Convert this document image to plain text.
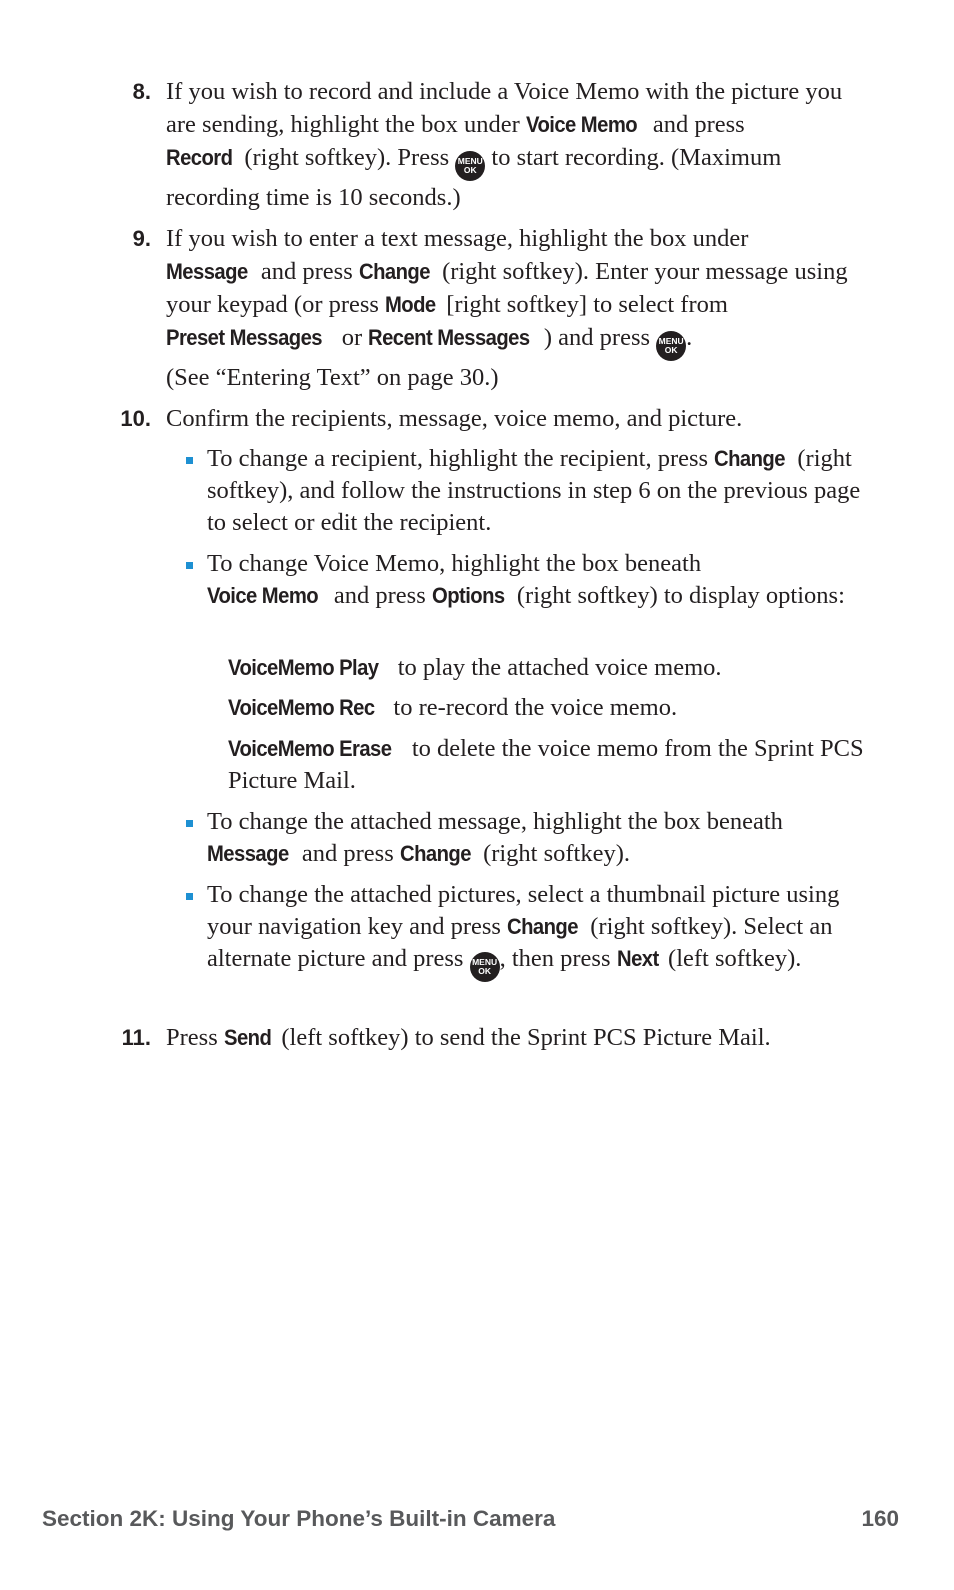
8. If you wish to record and include a Voice Memo with the picture you are sending, highlight the box under Voice Memo and press
Record (right softkey). Press MENU
OK to start recording. (Maximum recording time is 10 seconds.)
9. If you wish to enter a text message, highlight the box under
Message and press Change (right softkey). Enter your message using your keypad (or press Mode [right softkey] to select from
Preset Messages or Recent Messages ) and press MENU
OK .
(See “Entering Text” on page 30.)
10. Confirm the recipients, message, voice memo, and picture.
To change a recipient, highlight the recipient, press Change (right softkey), and follow the instructions in step 6 on the previous page to select or edit the recipient.
To change Voice Memo, highlight the box beneath
Voice Memo and press Options (right softkey) to display options:
VoiceMemo Play to play the attached voice memo.
VoiceMemo Rec to re-record the voice memo.
VoiceMemo Erase to delete the voice memo from the Sprint PCS Picture Mail.
To change the attached message, highlight the box beneath
Message and press Change (right softkey).
To change the attached pictures, select a thumbnail picture using your navigation key and press Change (right softkey). Select an alternate picture and press MENU
OK , then press Next (left softkey).
11. Press Send (left softkey) to send the Sprint PCS Picture Mail.
Section 2K: Using Your Phone’s Built-in Camera	160
